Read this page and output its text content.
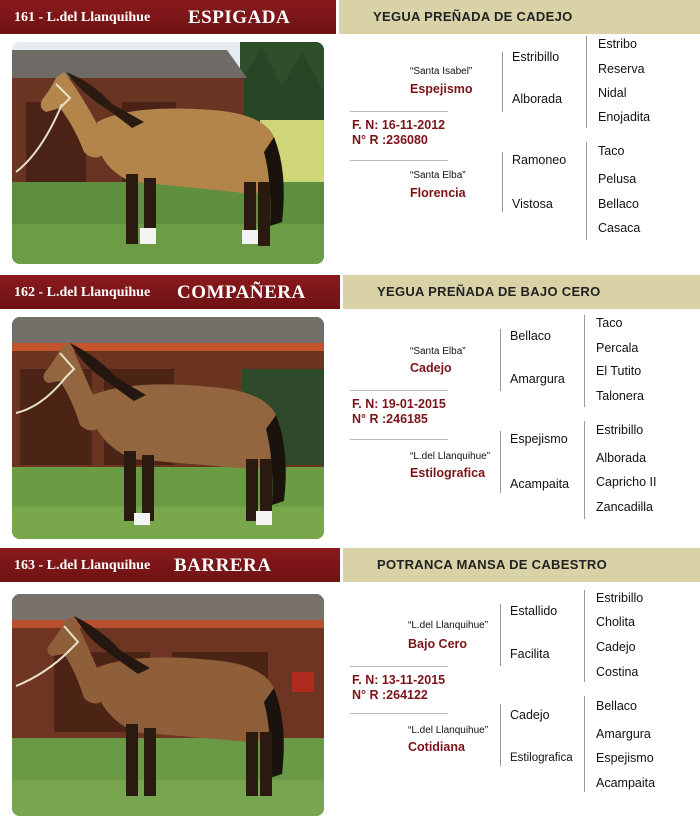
161 - L.del Llanquihue ESPIGADA	YEGUA PREÑADA DE CADEJO
“Santa Isabel”
Espejismo
F. N: 16-11-2012
N° R :236080
“Santa Elba”
Florencia
Estribillo
Alborada
Ramoneo
Vistosa
Estribo
Reserva
Nidal
Enojadita
Taco
Pelusa
Bellaco
Casaca
162 - L.del Llanquihue COMPAÑERA	YEGUA PREÑADA DE BAJO CERO
“Santa Elba”
Cadejo
F. N: 19-01-2015
N° R :246185
“L.del Llanquihue”
Estilografica
Bellaco
Amargura
Espejismo
Acampaita
Taco
Percala
El Tutito
Talonera
Estribillo
Alborada
Capricho II
Zancadilla
163 - L.del Llanquihue BARRERA	POTRANCA MANSA DE CABESTRO
“L.del Llanquihue”
Bajo Cero
F. N: 13-11-2015
N° R :264122
“L.del Llanquihue”
Cotidiana
Estallido
Facilita
Cadejo
Estilografica
Estribillo
Cholita
Cadejo
Costina
Bellaco
Amargura
Espejismo
Acampaita
